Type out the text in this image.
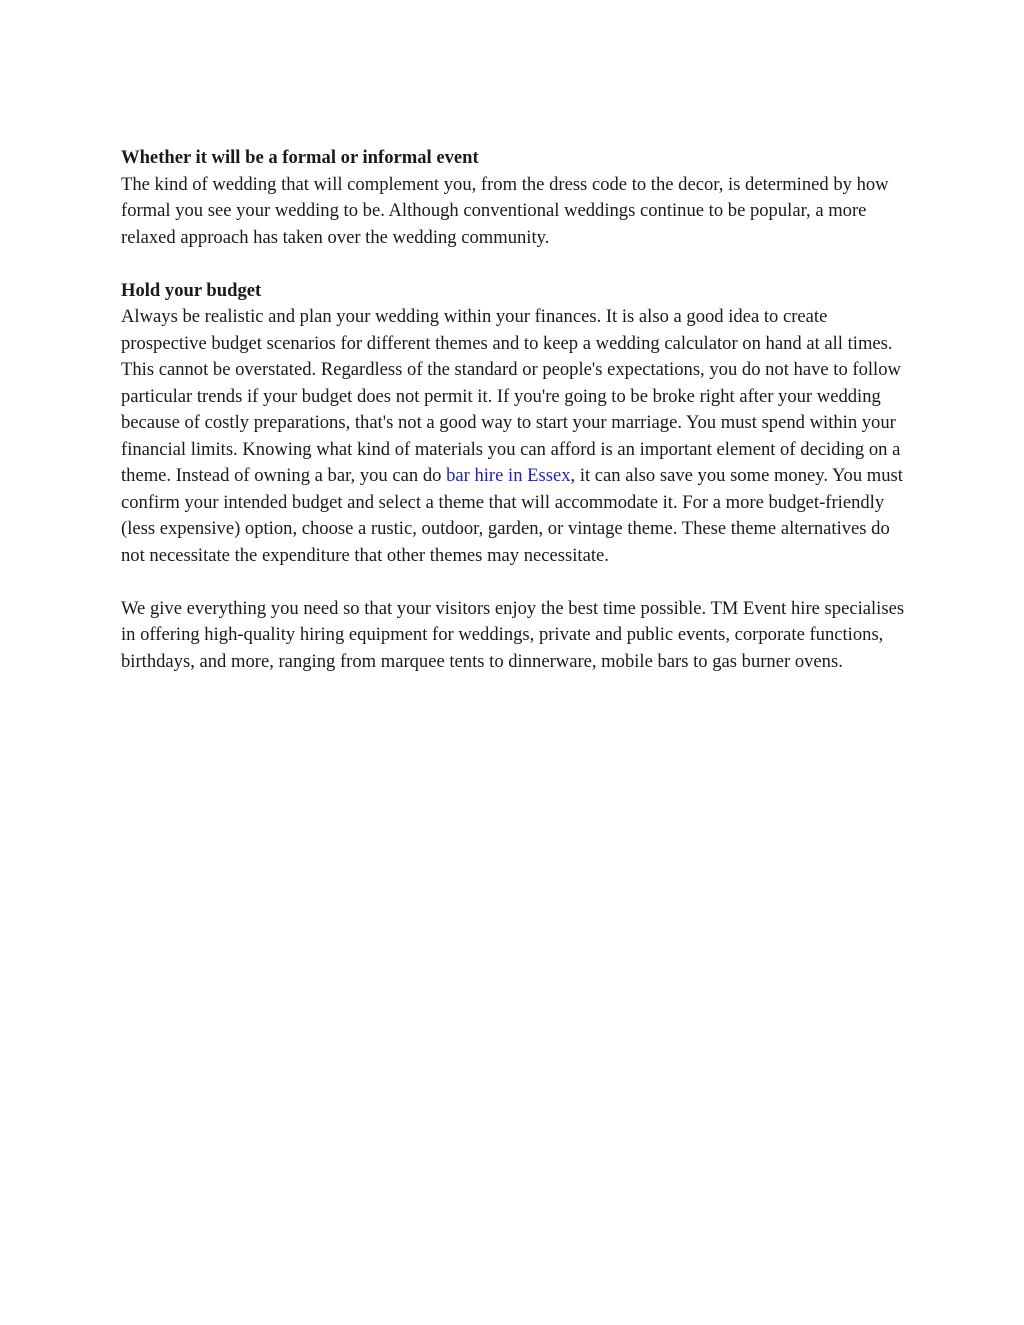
Whether it will be a formal or informal event
The kind of wedding that will complement you, from the dress code to the decor, is determined by how formal you see your wedding to be. Although conventional weddings continue to be popular, a more relaxed approach has taken over the wedding community.
Hold your budget
Always be realistic and plan your wedding within your finances. It is also a good idea to create prospective budget scenarios for different themes and to keep a wedding calculator on hand at all times. This cannot be overstated. Regardless of the standard or people's expectations, you do not have to follow particular trends if your budget does not permit it. If you're going to be broke right after your wedding because of costly preparations, that's not a good way to start your marriage. You must spend within your financial limits. Knowing what kind of materials you can afford is an important element of deciding on a theme. Instead of owning a bar, you can do bar hire in Essex, it can also save you some money. You must confirm your intended budget and select a theme that will accommodate it. For a more budget-friendly (less expensive) option, choose a rustic, outdoor, garden, or vintage theme. These theme alternatives do not necessitate the expenditure that other themes may necessitate.
We give everything you need so that your visitors enjoy the best time possible. TM Event hire specialises in offering high-quality hiring equipment for weddings, private and public events, corporate functions, birthdays, and more, ranging from marquee tents to dinnerware, mobile bars to gas burner ovens.
